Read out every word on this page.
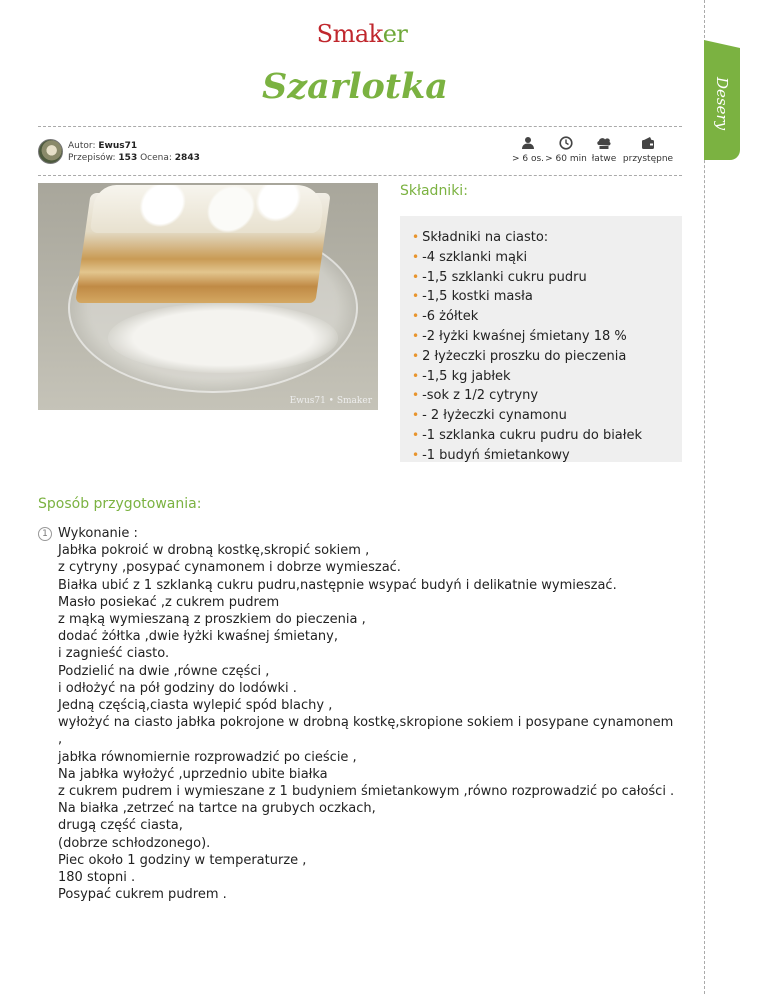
Desery
Smaker
Szarlotka
Autor: Ewus71
Przepisów: 153 Ocena: 2843	> 6 os. > 60 min łatwe przystępne
Ewus71 • Smaker
Składniki:
• Składniki na ciasto:
• -4 szklanki mąki
• -1,5 szklanki cukru pudru
• -1,5 kostki masła
• -6 żółtek
• -2 łyżki kwaśnej śmietany 18 %
• 2 łyżeczki proszku do pieczenia
• -1,5 kg jabłek
• -sok z 1/2 cytryny
• - 2 łyżeczki cynamonu
• -1 szklanka cukru pudru do białek
• -1 budyń śmietankowy
Sposób przygotowania:
1 Wykonanie :
Jabłka pokroić w drobną kostkę,skropić sokiem ,
z cytryny ,posypać cynamonem i dobrze wymieszać.
Białka ubić z 1 szklanką cukru pudru,następnie wsypać budyń i delikatnie wymieszać.
Masło posiekać ,z cukrem pudrem
z mąką wymieszaną z proszkiem do pieczenia ,
dodać żółtka ,dwie łyżki kwaśnej śmietany,
i zagnieść ciasto.
Podzielić na dwie ,równe części ,
i odłożyć na pół godziny do lodówki .
Jedną częścią,ciasta wylepić spód blachy ,
wyłożyć na ciasto jabłka pokrojone w drobną kostkę,skropione sokiem i posypane cynamonem
,
jabłka równomiernie rozprowadzić po cieście ,
Na jabłka wyłożyć ,uprzednio ubite białka
z cukrem pudrem i wymieszane z 1 budyniem śmietankowym ,równo rozprowadzić po całości .
Na białka ,zetrzeć na tartce na grubych oczkach,
drugą część ciasta,
(dobrze schłodzonego).
Piec około 1 godziny w temperaturze ,
180 stopni .
Posypać cukrem pudrem .
